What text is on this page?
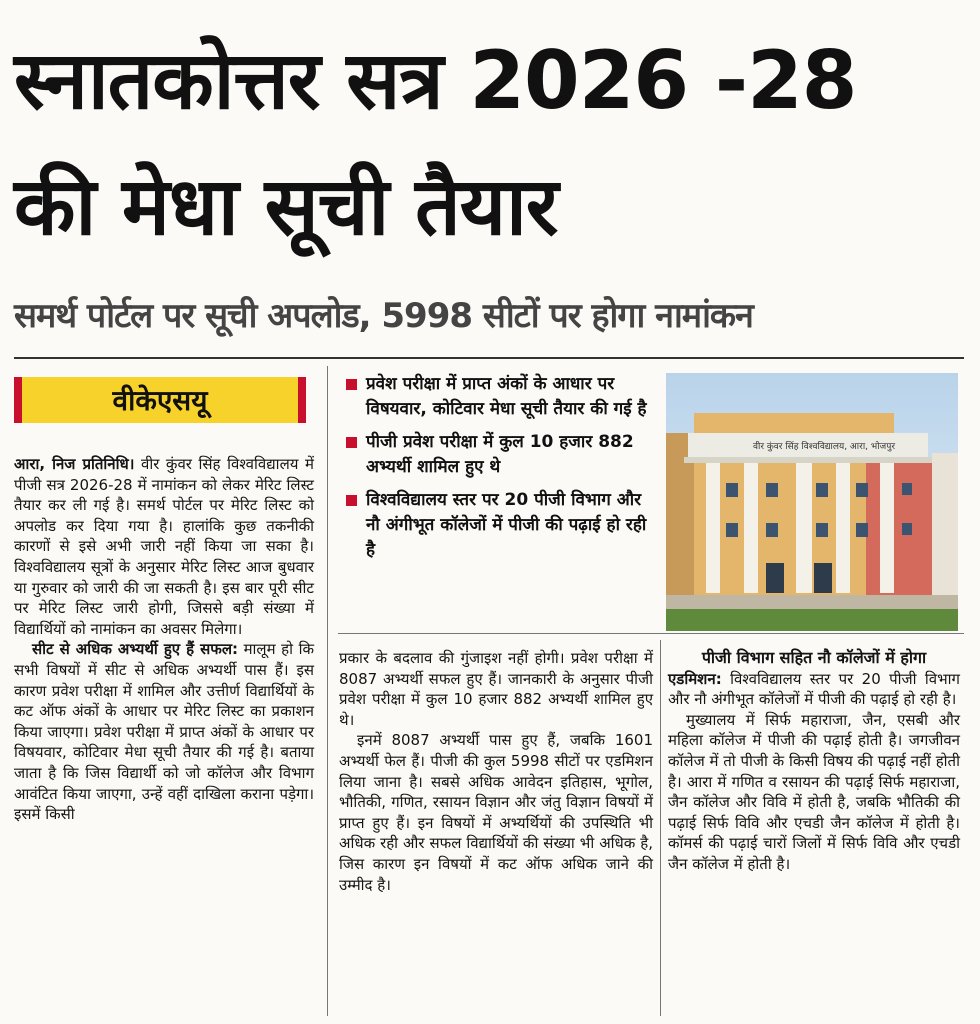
स्नातकोत्तर सत्र 2026 -28 की मेधा सूची तैयार
समर्थ पोर्टल पर सूची अपलोड, 5998 सीटों पर होगा नामांकन
वीकेएसयू

आरा, निज प्रतिनिधि। वीर कुंवर सिंह विश्वविद्यालय में पीजी सत्र 2026-28 में नामांकन को लेकर मेरिट लिस्ट तैयार कर ली गई है। समर्थ पोर्टल पर मेरिट लिस्ट को अपलोड कर दिया गया है। हालांकि कुछ तकनीकी कारणों से इसे अभी जारी नहीं किया जा सका है। विश्वविद्यालय सूत्रों के अनुसार मेरिट लिस्ट आज बुधवार या गुरुवार को जारी की जा सकती है। इस बार पूरी सीट पर मेरिट लिस्ट जारी होगी, जिससे बड़ी संख्या में विद्यार्थियों को नामांकन का अवसर मिलेगा।

सीट से अधिक अभ्यर्थी हुए हैं सफल: मालूम हो कि सभी विषयों में सीट से अधिक अभ्यर्थी पास हैं। इस कारण प्रवेश परीक्षा में शामिल और उत्तीर्ण विद्यार्थियों के कट ऑफ अंकों के आधार पर मेरिट लिस्ट का प्रकाशन किया जाएगा। प्रवेश परीक्षा में प्राप्त अंकों के आधार पर विषयवार, कोटिवार मेधा सूची तैयार की गई है। बताया जाता है कि जिस विद्यार्थी को जो कॉलेज और विभाग आवंटित किया जाएगा, उन्हें वहीं दाखिला कराना पड़ेगा। इसमें किसी

प्रवेश परीक्षा में प्राप्त अंकों के आधार पर विषयवार, कोटिवार मेधा सूची तैयार की गई है
पीजी प्रवेश परीक्षा में कुल 10 हजार 882 अभ्यर्थी शामिल हुए थे
विश्वविद्यालय स्तर पर 20 पीजी विभाग और नौ अंगीभूत कॉलेजों में पीजी की पढ़ाई हो रही है
वीर कुंवर सिंह विश्वविद्यालय, आरा, भोजपुर

प्रकार के बदलाव की गुंजाइश नहीं होगी। प्रवेश परीक्षा में 8087 अभ्यर्थी सफल हुए हैं। जानकारी के अनुसार पीजी प्रवेश परीक्षा में कुल 10 हजार 882 अभ्यर्थी शामिल हुए थे।

इनमें 8087 अभ्यर्थी पास हुए हैं, जबकि 1601 अभ्यर्थी फेल हैं। पीजी की कुल 5998 सीटों पर एडमिशन लिया जाना है। सबसे अधिक आवेदन इतिहास, भूगोल, भौतिकी, गणित, रसायन विज्ञान और जंतु विज्ञान विषयों में प्राप्त हुए हैं। इन विषयों में अभ्यर्थियों की उपस्थिति भी अधिक रही और सफल विद्यार्थियों की संख्या भी अधिक है, जिस कारण इन विषयों में कट ऑफ अधिक जाने की उम्मीद है।

पीजी विभाग सहित नौ कॉलेजों में होगा

एडमिशन: विश्वविद्यालय स्तर पर 20 पीजी विभाग और नौ अंगीभूत कॉलेजों में पीजी की पढ़ाई हो रही है।

मुख्यालय में सिर्फ महाराजा, जैन, एसबी और महिला कॉलेज में पीजी की पढ़ाई होती है। जगजीवन कॉलेज में तो पीजी के किसी विषय की पढ़ाई नहीं होती है। आरा में गणित व रसायन की पढ़ाई सिर्फ महाराजा, जैन कॉलेज और विवि में होती है, जबकि भौतिकी की पढ़ाई सिर्फ विवि और एचडी जैन कॉलेज में होती है। कॉमर्स की पढ़ाई चारों जिलों में सिर्फ विवि और एचडी जैन कॉलेज में होती है।
